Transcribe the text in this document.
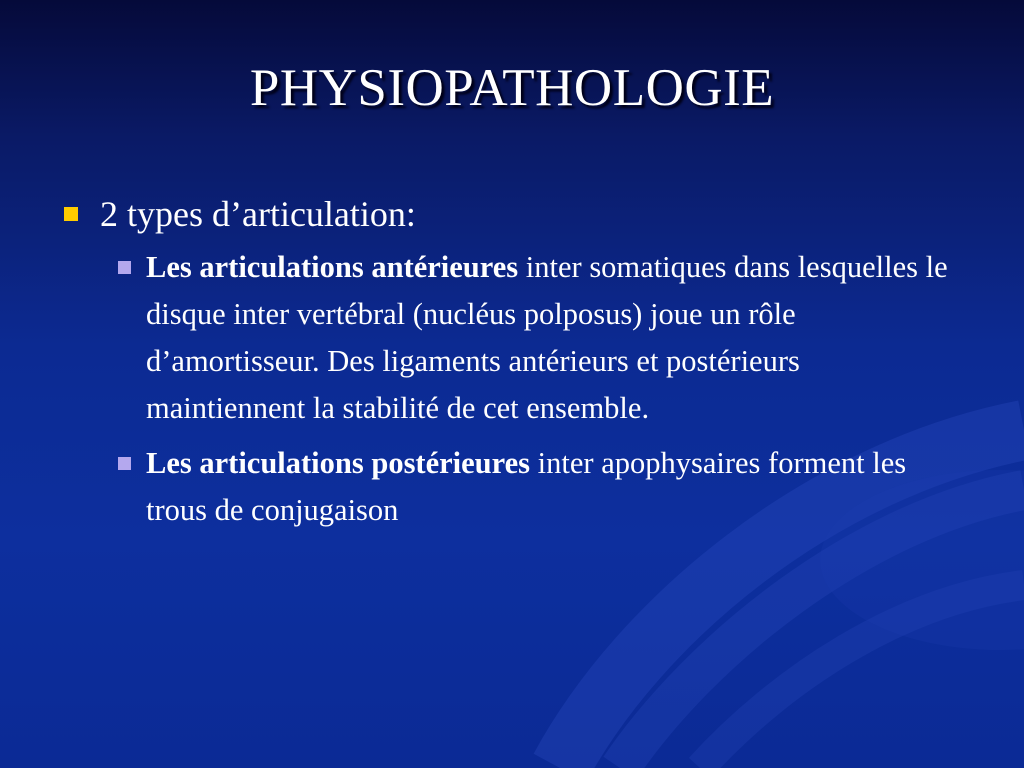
PHYSIOPATHOLOGIE
2 types d’articulation:
Les articulations antérieures inter somatiques dans lesquelles le disque inter vertébral (nucléus polposus) joue un rôle d’amortisseur. Des ligaments antérieurs et postérieurs maintiennent la stabilité de cet ensemble.
Les articulations postérieures inter apophysaires forment les trous de conjugaison
